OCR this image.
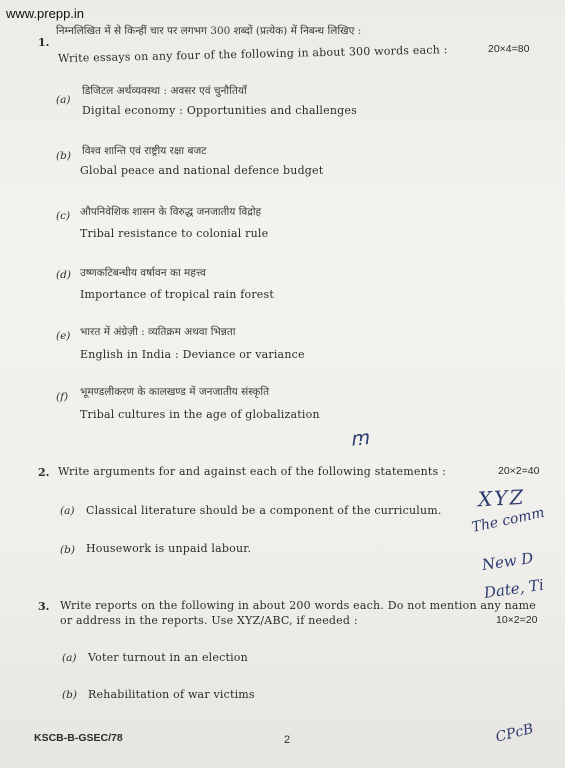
www.prepp.in
1.
निम्नलिखित में से किन्हीं चार पर लगभग 300 शब्दों (प्रत्येक) में निबन्ध लिखिए :
Write essays on any four of the following in about 300 words each :	20×4=80
(a)
डिजिटल अर्थव्यवस्था : अवसर एवं चुनौतियाँ
Digital economy : Opportunities and challenges
(b) विश्व शान्ति एवं राष्ट्रीय रक्षा बजट
Global peace and national defence budget
(c) औपनिवेशिक शासन के विरुद्ध जनजातीय विद्रोह
Tribal resistance to colonial rule
(d) उष्णकटिबन्धीय वर्षावन का महत्त्व
Importance of tropical rain forest
(e) भारत में अंग्रेज़ी : व्यतिक्रम अथवा भिन्नता
English in India : Deviance or variance
(f) भूमण्डलीकरण के कालखण्ड में जनजातीय संस्कृति
Tribal cultures in the age of globalization
ꭑ
2. Write arguments for and against each of the following statements :	20×2=40
(a) Classical literature should be a component of the curriculum.
(b) Housework is unpaid labour.
XYZ
The comm
New D
Date, Ti
3. Write reports on the following in about 200 words each. Do not mention any name
or address in the reports. Use XYZ/ABC, if needed :	10×2=20
(a) Voter turnout in an election
(b) Rehabilitation of war victims
KSCB-B-GSEC/78	2	CPcB
